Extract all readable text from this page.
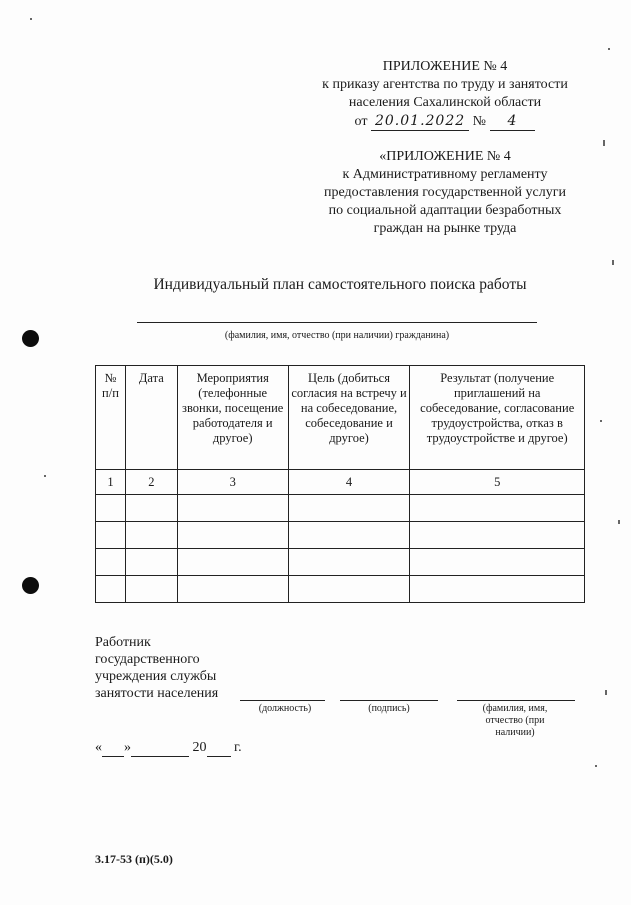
ПРИЛОЖЕНИЕ № 4
к приказу агентства по труду и занятости
населения Сахалинской области
от 20.01.2022 № 4
«ПРИЛОЖЕНИЕ № 4
к Административному регламенту
предоставления государственной услуги
по социальной адаптации безработных
граждан на рынке труда
Индивидуальный план самостоятельного поиска работы
(фамилия, имя, отчество (при наличии) гражданина)
№ п/п	Дата	Мероприятия (телефонные звонки, посещение работодателя и другое)	Цель (добиться согласия на встречу и на собеседование, собеседование и другое)	Результат (получение приглашений на собеседование, согласование трудоустройства, отказ в трудоустройстве и другое)
1	2	3	4	5

Работник
государственного
учреждения службы
занятости населения
(должность)	(подпись)	(фамилия, имя, отчество (при наличии)
« »	20 г.
3.17-53 (п)(5.0)
